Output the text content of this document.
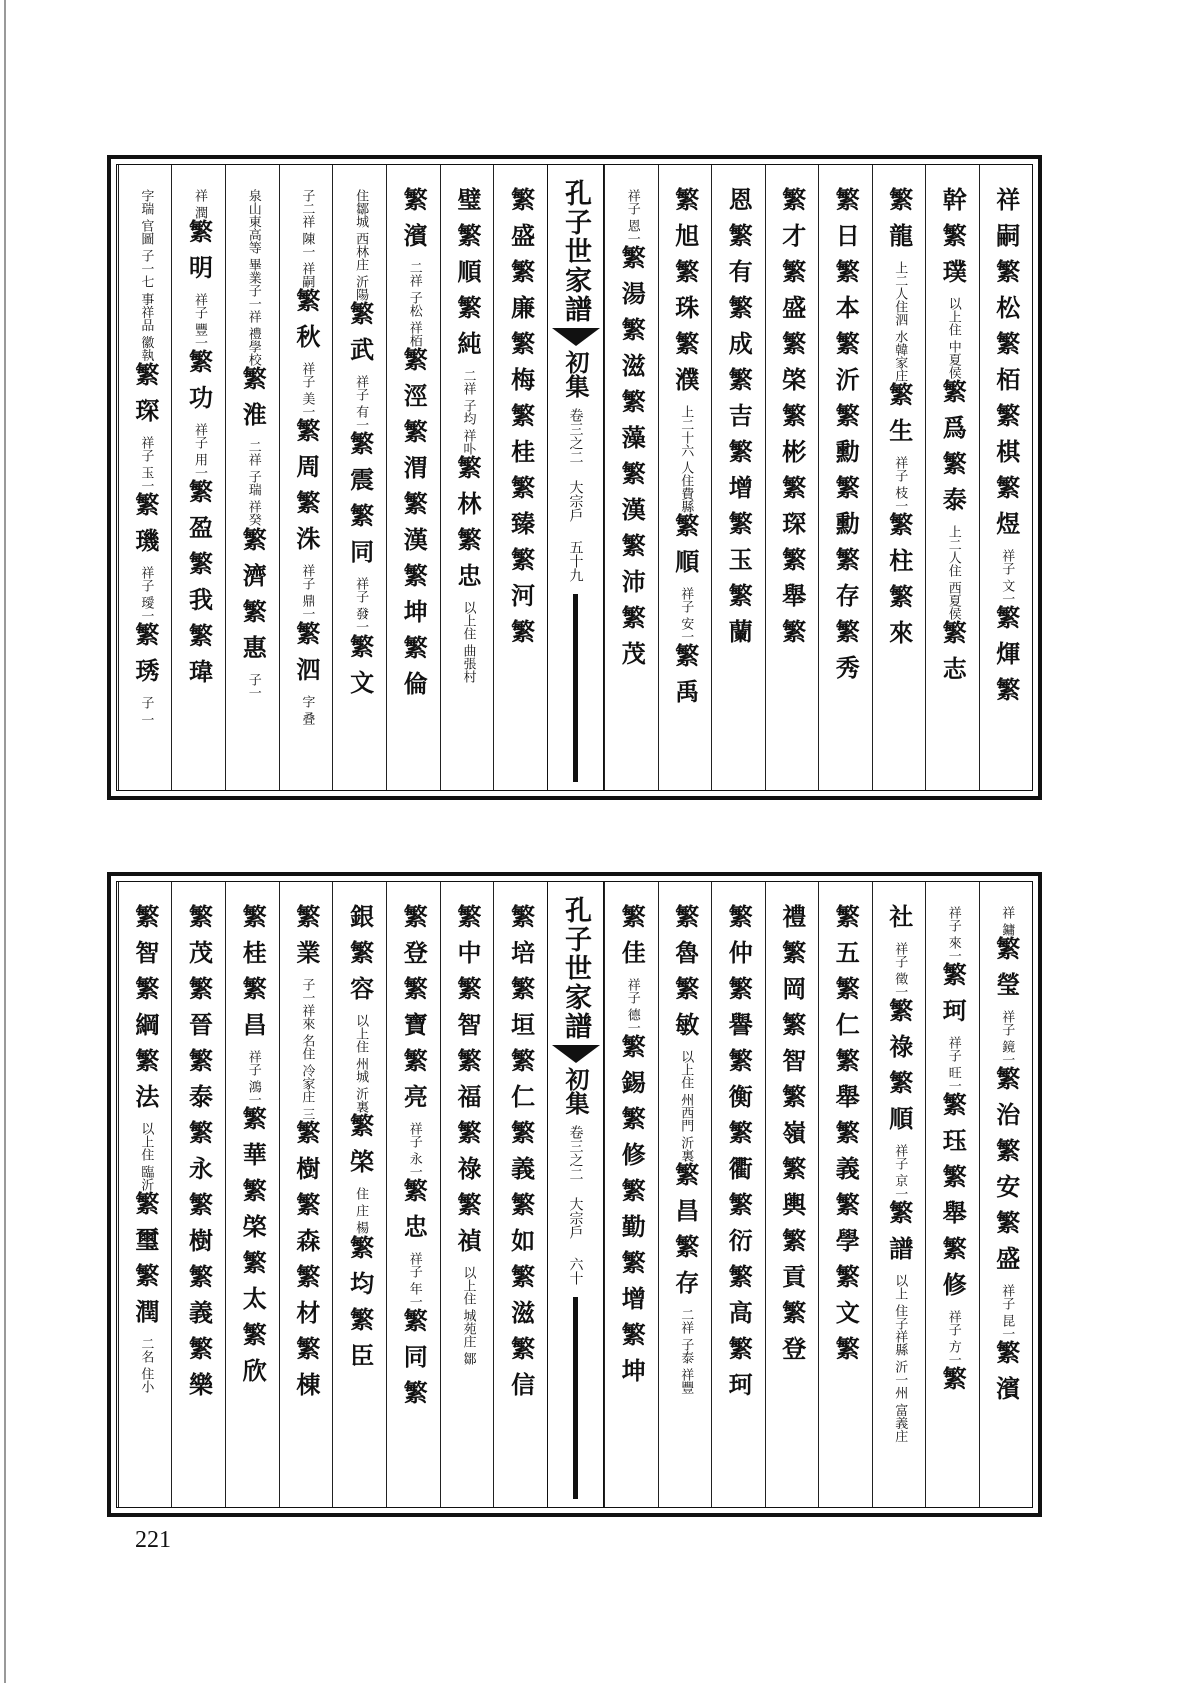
祥嗣
繁松
繁栢
繁棋
繁煜
祥子 文一
繁煇
繁
幹
繁璞
以上住 中夏侯
繁爲
繁泰
上二人住 西夏侯
繁志
繁龍
上二人住泗 水韓家庄
繁生
祥子 枝一
繁柱
繁來
繁日
繁本
繁沂
繁勳
繁勳
繁存
繁秀
繁才
繁盛
繁棨
繁彬
繁琛
繁舉
繁
恩
繁有
繁成
繁吉
繁增
繁玉
繁蘭
繁旭
繁珠
繁濮
上二十六 人住費縣
繁順
祥子 安一
繁禹
祥子 恩一
繁湯
繁滋
繁藻
繁漢
繁沛
繁茂
孔子世家譜
初集
卷三之二
大宗戶
五十九
繁盛
繁廉
繁梅
繁桂
繁臻
繁河
繁
璧
繁順
繁純
二祥 子均 祥卟
繁林
繁忠
以上住 曲張村
繁濱
二祥 子松 祥栢
繁涇
繁渭
繁漢
繁坤
繁倫
住鄒城 西林庄 沂陽
繁武
祥子 有一
繁震
繁同
祥子 發一
繁文
子二祥 陳一 祥嗣
繁秋
祥子 美一
繁周
繁洙
祥子 鼎一
繁泗
字 叠
泉山東高等 畢業子一祥 禮學校
繁淮
二祥 子瑞 祥癸
繁濟
繁惠
子一
祥 潤
繁明
祥子 豐一
繁功
祥子 用一
繁盈
繁我
繁瑋
字瑞 官圖 子一七 事祥品 徽執
繁琛
祥子 玉一
繁璣
祥子 璦一
繁琇
子 一
祥 鏞
繁瑩
祥子 鏡一
繁治
繁安
繁盛
祥子 昆一
繁濱
祥子 來一
繁珂
祥子 旺一
繁珏
繁舉
繁修
祥子 方一
繁
社
祥子 徵一
繁祿
繁順
祥子 京一
繁譜
以上 住子祥縣 沂一州 富義庄
繁五
繁仁
繁舉
繁義
繁學
繁文
繁
禮
繁岡
繁智
繁嶺
繁輿
繁貢
繁登
繁仲
繁譽
繁衡
繁衢
繁衍
繁高
繁珂
繁魯
繁敏
以上住 州西門 沂裏
繁昌
繁存
二祥 子泰 祥豐
繁佳
祥子 德一
繁錫
繁修
繁勤
繁增
繁坤
孔子世家譜
初集
卷三之二
大宗戶
六十
繁培
繁垣
繁仁
繁義
繁如
繁滋
繁信
繁中
繁智
繁福
繁祿
繁禎
以上住 城苑庄 鄒
繁登
繁寶
繁亮
祥子 永一
繁忠
祥子 年一
繁同
繁
銀
繁容
以上住 州城 沂裏
繁棨
住 庄 楊
繁均
繁臣
繁業
子一祥來 名住 冷家庄 三
繁樹
繁森
繁材
繁棟
繁桂
繁昌
祥子 鴻一
繁華
繁棨
繁太
繁欣
繁茂
繁晉
繁泰
繁永
繁樹
繁義
繁樂
繁智
繁綱
繁法
以上住 臨沂
繁璽
繁潤
二名 住小
221
